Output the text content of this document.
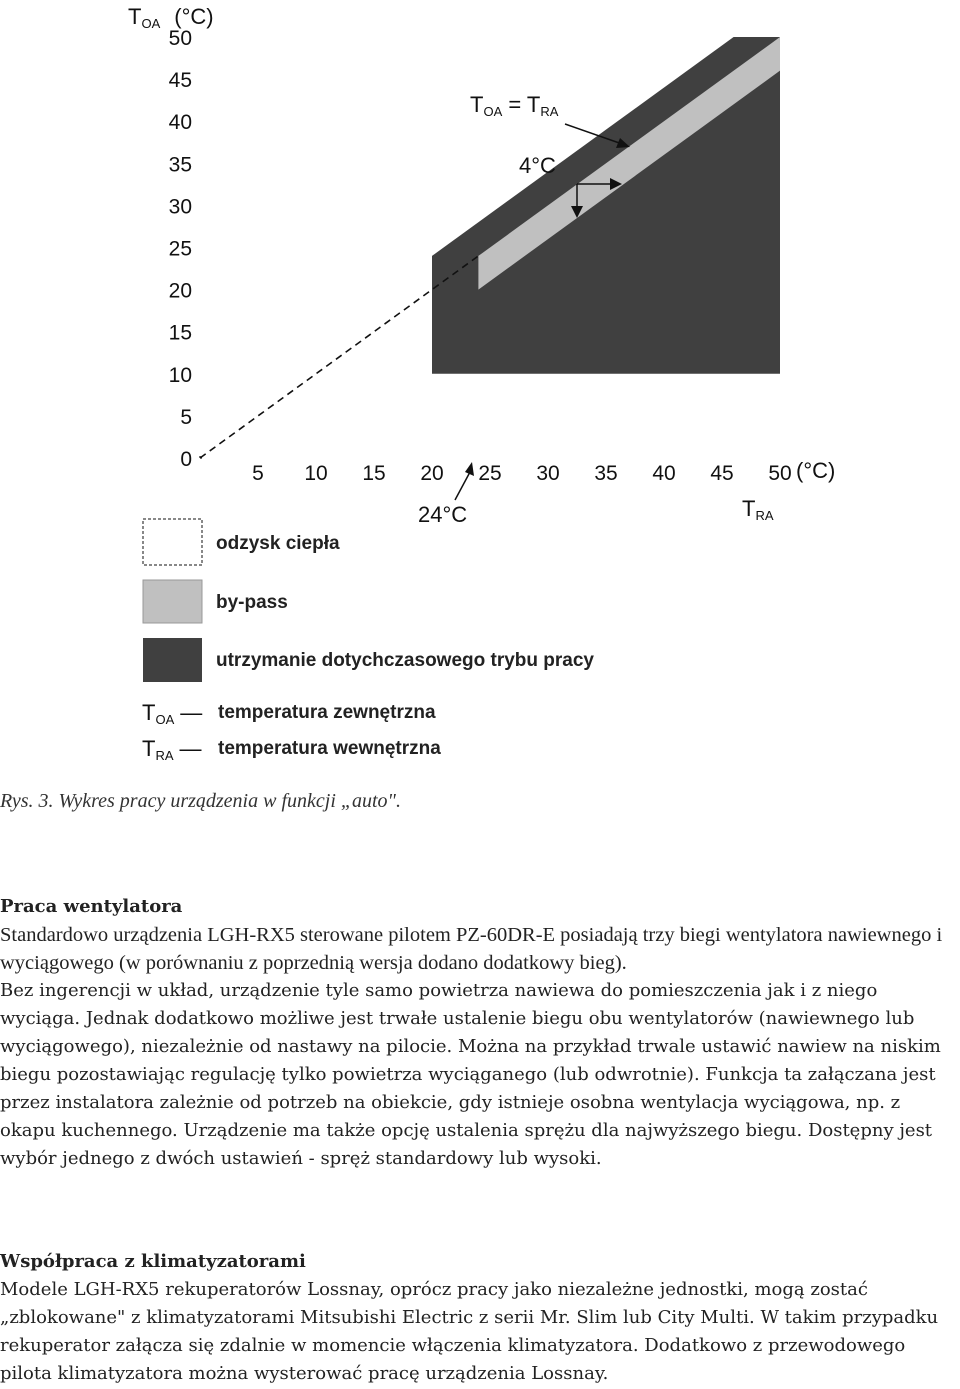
0
5
10
15
20
25
30
35
40
45
50
5 10 15 20 25 30 35 40 45 50
TOA (°C)
TRA
(°C)
TOA = TRA
4°C
24°C
odzysk ciepła
by-pass
utrzymanie dotychczasowego trybu pracy
TOA — temperatura zewnętrzna
TRA — temperatura wewnętrzna
Rys. 3. Wykres pracy urządzenia w funkcji „auto".
Praca wentylatora

Standardowo urządzenia LGH-RX5 sterowane pilotem PZ-60DR-E posiadają trzy biegi wentylatora nawiewnego i wyciągowego (w porównaniu z poprzednią wersja dodano dodatkowy bieg).

Bez ingerencji w układ, urządzenie tyle samo powietrza nawiewa do pomieszczenia jak i z niego wyciąga. Jednak dodatkowo możliwe jest trwałe ustalenie biegu obu wentylatorów (nawiewnego lub wyciągowego), niezależnie od nastawy na pilocie. Można na przykład trwale ustawić nawiew na niskim biegu pozostawiając regulację tylko powietrza wyciąganego (lub odwrotnie). Funkcja ta załączana jest przez instalatora zależnie od potrzeb na obiekcie, gdy istnieje osobna wentylacja wyciągowa, np. z okapu kuchennego. Urządzenie ma także opcję ustalenia sprężu dla najwyższego biegu. Dostępny jest wybór jednego z dwóch ustawień - spręż standardowy lub wysoki.

Współpraca z klimatyzatorami

Modele LGH-RX5 rekuperatorów Lossnay, oprócz pracy jako niezależne jednostki, mogą zostać „zblokowane" z klimatyzatorami Mitsubishi Electric z serii Mr. Slim lub City Multi. W takim przypadku rekuperator załącza się zdalnie w momencie włączenia klimatyzatora. Dodatkowo z przewodowego pilota klimatyzatora można wysterować pracę urządzenia Lossnay.
